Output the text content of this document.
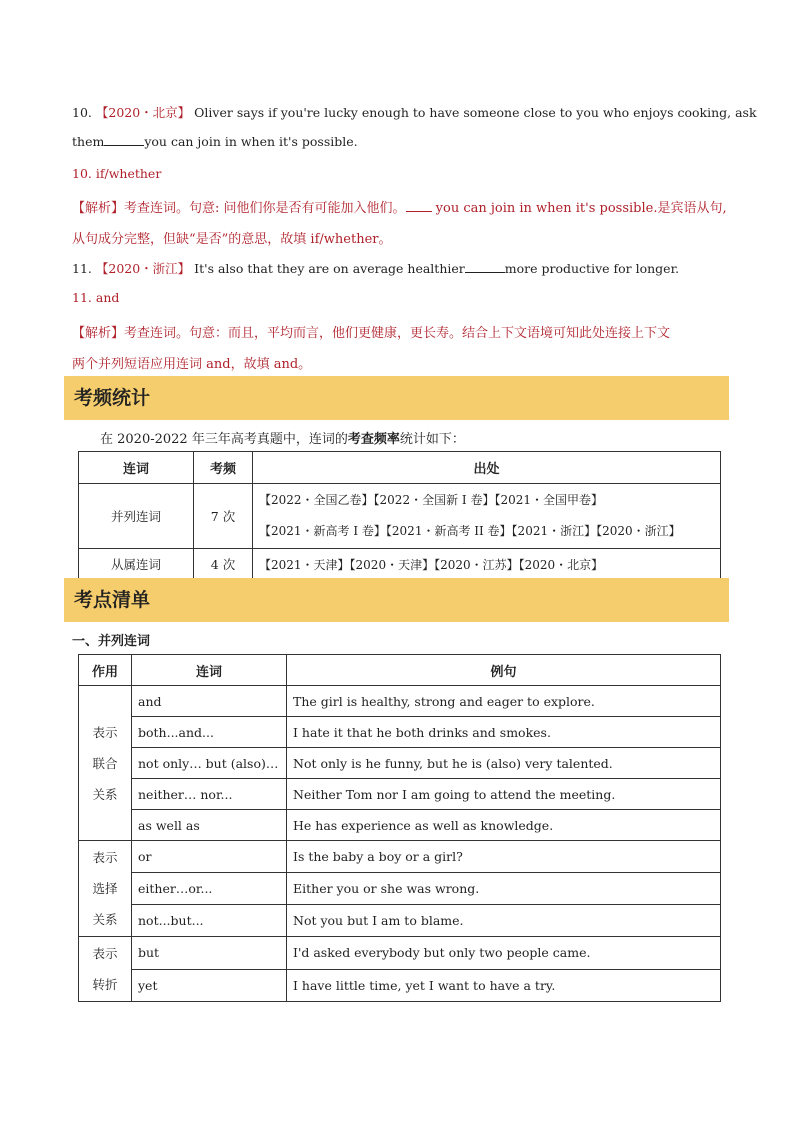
10. 【2020・北京】 Oliver says if you're lucky enough to have someone close to you who enjoys cooking, ask
them	you can join in when it's possible.
10. if/whether
【解析】考查连词。句意: 问他们你是否有可能加入他们。 you can join in when it's possible.是宾语从句,
从句成分完整，但缺“是否”的意思，故填 if/whether。
11. 【2020・浙江】 It's also that they are on average healthier	more productive for longer.
11. and
【解析】考查连词。句意：而且，平均而言，他们更健康，更长寿。结合上下文语境可知此处连接上下文
两个并列短语应用连词 and，故填 and。
考频统计
在 2020-2022 年三年高考真题中，连词的考查频率统计如下：
连词	考频	出处
并列连词	7 次	【2022・全国乙卷】【2022・全国新 I 卷】【2021・全国甲卷】
【2021・新高考 I 卷】【2021・新高考 II 卷】【2021・浙江】【2020・浙江】

从属连词	4 次	【2021・天津】【2020・天津】【2020・江苏】【2020・北京】
考点清单
一、并列连词
作用	连词	例句

表示
联合
关系	and	The girl is healthy, strong and eager to explore.
	both...and...	I hate it that he both drinks and smokes.
	not only… but (also)…	Not only is he funny, but he is (also) very talented.
	neither… nor...	Neither Tom nor I am going to attend the meeting.
	as well as	He has experience as well as knowledge.

表示
选择
关系	or	Is the baby a boy or a girl?
	either…or...	Either you or she was wrong.
	not...but...	Not you but I am to blame.

表示
转折	but	I'd asked everybody but only two people came.
	yet	I have little time, yet I want to have a try.
